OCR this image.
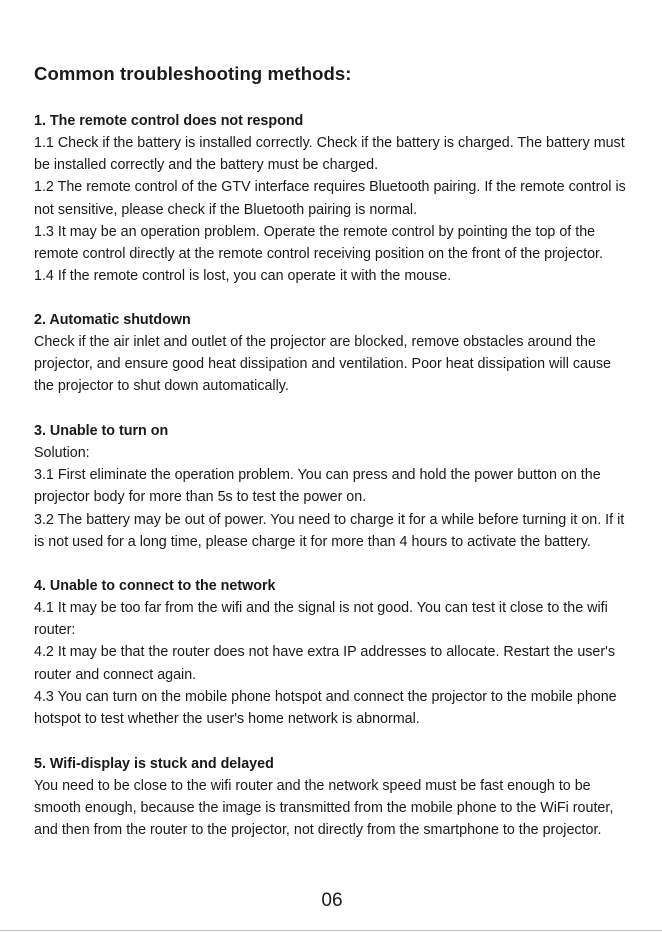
Common troubleshooting methods:
1. The remote control does not respond

1.1 Check if the battery is installed correctly. Check if the battery is charged. The battery must be installed correctly and the battery must be charged.

1.2 The remote control of the GTV interface requires Bluetooth pairing. If the remote control is not sensitive, please check if the Bluetooth pairing is normal.

1.3 It may be an operation problem. Operate the remote control by pointing the top of the remote control directly at the remote control receiving position on the front of the projector.

1.4 If the remote control is lost, you can operate it with the mouse.

2. Automatic shutdown

Check if the air inlet and outlet of the projector are blocked, remove obstacles around the projector, and ensure good heat dissipation and ventilation. Poor heat dissipation will cause the projector to shut down automatically.

3. Unable to turn on

Solution:

3.1 First eliminate the operation problem. You can press and hold the power button on the projector body for more than 5s to test the power on.

3.2 The battery may be out of power. You need to charge it for a while before turning it on. If it is not used for a long time, please charge it for more than 4 hours to activate the battery.

4. Unable to connect to the network

4.1 It may be too far from the wifi and the signal is not good. You can test it close to the wifi router:

4.2 It may be that the router does not have extra IP addresses to allocate. Restart the user's router and connect again.

4.3 You can turn on the mobile phone hotspot and connect the projector to the mobile phone hotspot to test whether the user's home network is abnormal.

5. Wifi-display is stuck and delayed

You need to be close to the wifi router and the network speed must be fast enough to be smooth enough, because the image is transmitted from the mobile phone to the WiFi router, and then from the router to the projector, not directly from the smartphone to the projector.

06
